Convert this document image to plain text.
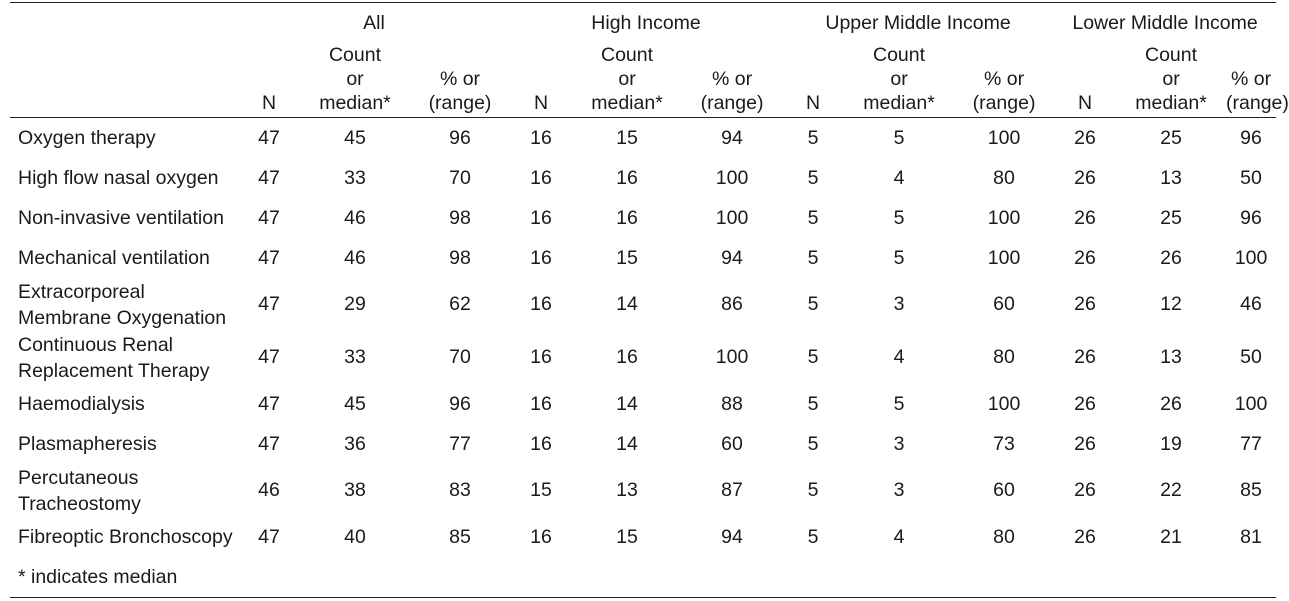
	All			High Income			Upper Middle Income			Lower Middle Income		
	N	Count
or
median*	% or
(range)	N	Count
or
median*	% or
(range)	N	Count
or
median*	% or
(range)	N	Count
or
median*	% or
(range)
Oxygen therapy	47	45	96	16	15	94	5	5	100	26	25	96
High flow nasal oxygen	47	33	70	16	16	100	5	4	80	26	13	50
Non-invasive ventilation	47	46	98	16	16	100	5	5	100	26	25	96
Mechanical ventilation	47	46	98	16	15	94	5	5	100	26	26	100
Extracorporeal
Membrane Oxygenation	47	29	62	16	14	86	5	3	60	26	12	46
Continuous Renal
Replacement Therapy	47	33	70	16	16	100	5	4	80	26	13	50
Haemodialysis	47	45	96	16	14	88	5	5	100	26	26	100
Plasmapheresis	47	36	77	16	14	60	5	3	73	26	19	77
Percutaneous
Tracheostomy	46	38	83	15	13	87	5	3	60	26	22	85
Fibreoptic Bronchoscopy	47	40	85	16	15	94	5	4	80	26	21	81
* indicates median												
